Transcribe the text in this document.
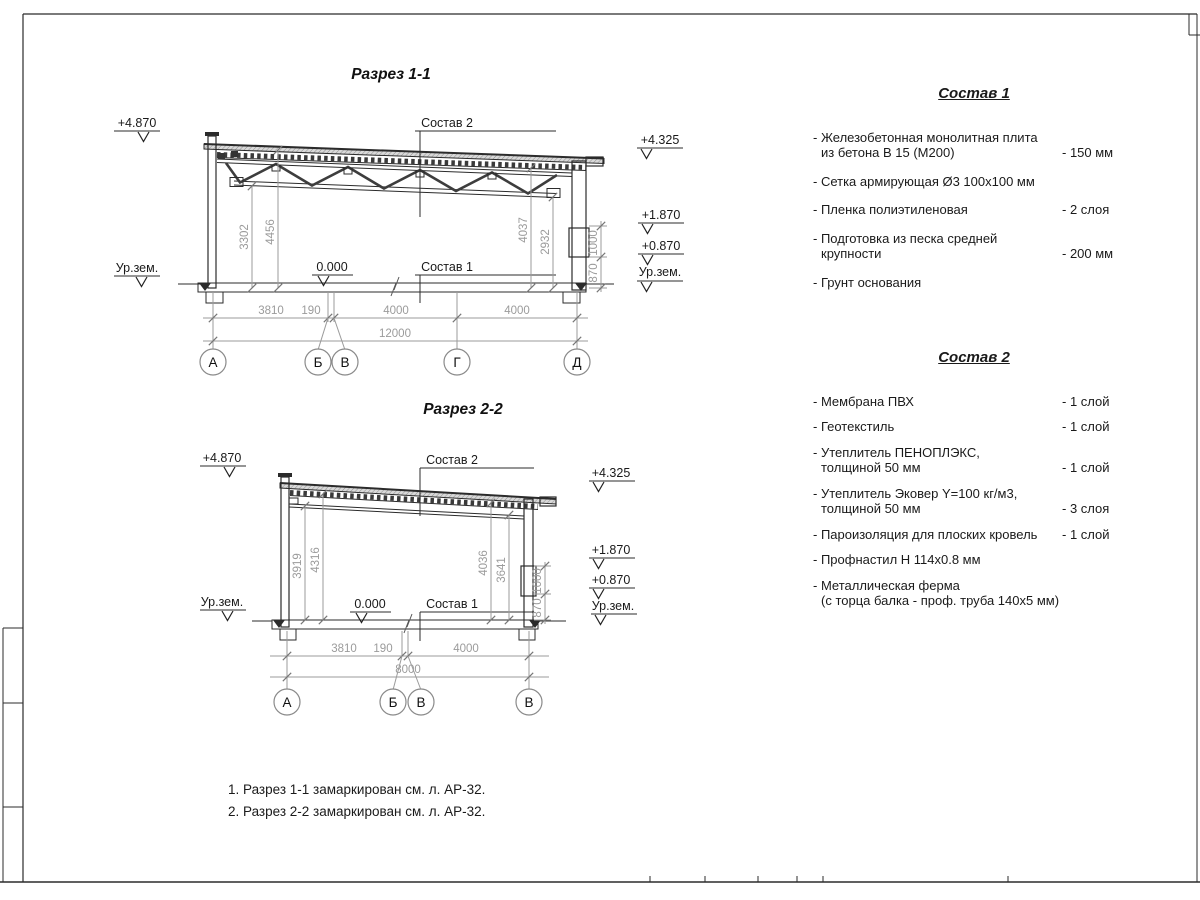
Разрез 1-1
Состав 2
Состав 1
0.000
+4.870
Ур.зем.
+4.325
+1.870
+0.870
Ур.зем.
3302 4456	4037 2932	1000
870
3810 190	4000	4000
12000
А	Б В	Г	Д
Разрез 2-2
Состав 2
Состав 1
0.000
+4.870
Ур.зем.
+4.325
+1.870
+0.870
Ур.зем.
3919 4316	4036 3641 1000
870
3810 190	4000
8000
А	Б В	В
Состав 1
- Железобетонная монолитная плита
из бетона В 15 (М200)	- 150 мм
- Сетка армирующая Ø3 100х100 мм
- Пленка полиэтиленовая	- 2 слоя
- Подготовка из песка средней
крупности	- 200 мм
- Грунт основания
Состав 2
- Мембрана ПВХ	- 1 слой
- Геотекстиль	- 1 слой
- Утеплитель ПЕНОПЛЭКС,
толщиной 50 мм	- 1 слой
- Утеплитель Эковер Y=100 кг/м3,
толщиной 50 мм	- 3 слоя
- Пароизоляция для плоских кровель	- 1 слой
- Профнастил Н 114х0.8 мм
- Металлическая ферма
(с торца балка - проф. труба 140х5 мм)
1. Разрез 1-1 замаркирован см. л. АР-32.
2. Разрез 2-2 замаркирован см. л. АР-32.
